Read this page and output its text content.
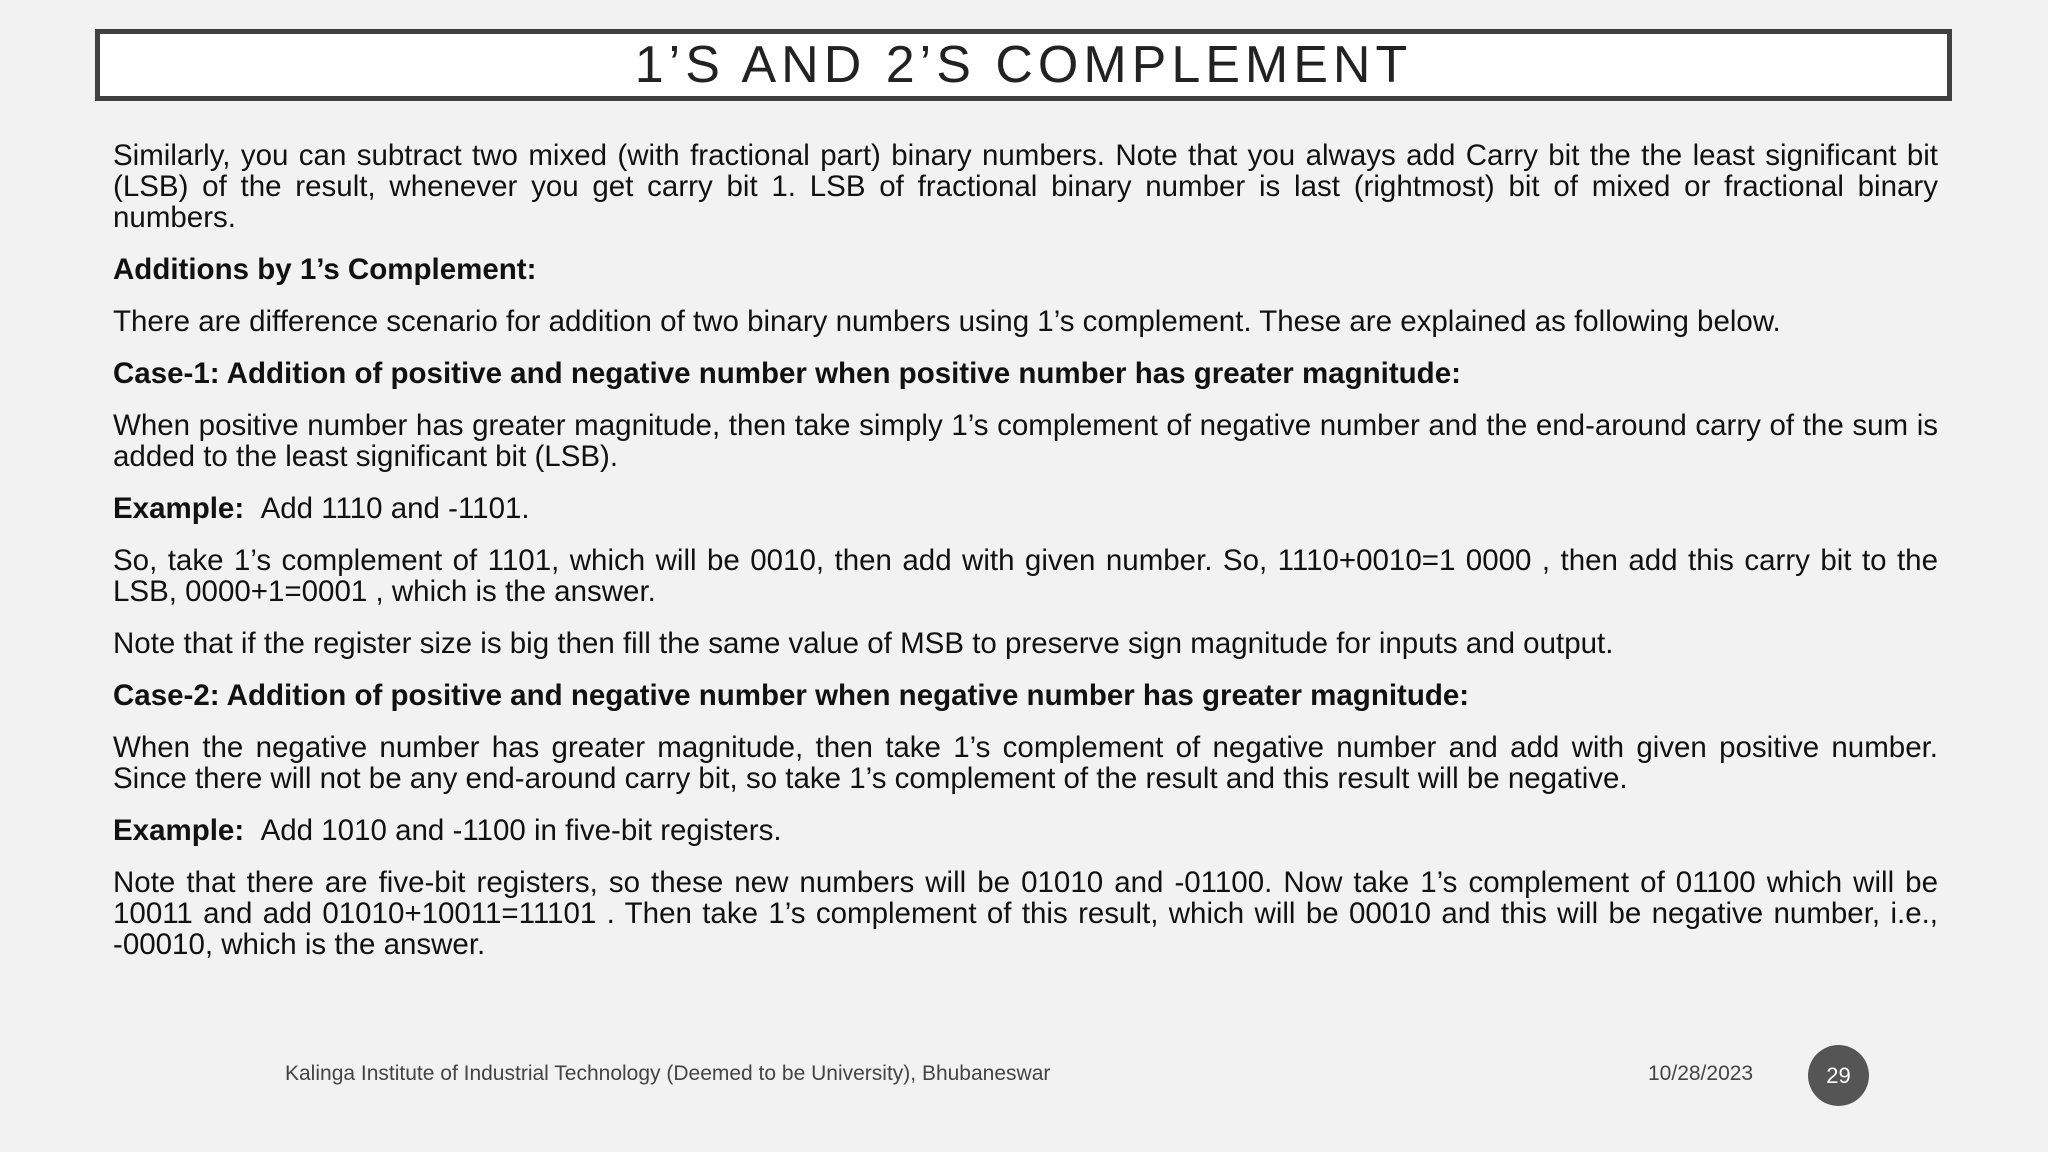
1’S AND 2’S COMPLEMENT

Similarly, you can subtract two mixed (with fractional part) binary numbers. Note that you always add Carry bit the the least significant bit (LSB) of the result, whenever you get carry bit 1. LSB of fractional binary number is last (rightmost) bit of mixed or fractional binary numbers.

Additions by 1’s Complement:

There are difference scenario for addition of two binary numbers using 1’s complement. These are explained as following below.

Case-1: Addition of positive and negative number when positive number has greater magnitude:

When positive number has greater magnitude, then take simply 1’s complement of negative number and the end-around carry of the sum is added to the least significant bit (LSB).

Example: Add 1110 and -1101.

So, take 1’s complement of 1101, which will be 0010, then add with given number. So, 1110+0010=1 0000 , then add this carry bit to the LSB, 0000+1=0001 , which is the answer.

Note that if the register size is big then fill the same value of MSB to preserve sign magnitude for inputs and output.

Case-2: Addition of positive and negative number when negative number has greater magnitude:

When the negative number has greater magnitude, then take 1’s complement of negative number and add with given positive number. Since there will not be any end-around carry bit, so take 1’s complement of the result and this result will be negative.

Example: Add 1010 and -1100 in five-bit registers.

Note that there are five-bit registers, so these new numbers will be 01010 and -01100. Now take 1’s complement of 01100 which will be 10011 and add 01010+10011=11101 . Then take 1’s complement of this result, which will be 00010 and this will be negative number, i.e., -00010, which is the answer.

Kalinga Institute of Industrial Technology (Deemed to be University), Bhubaneswar	10/28/2023	29
